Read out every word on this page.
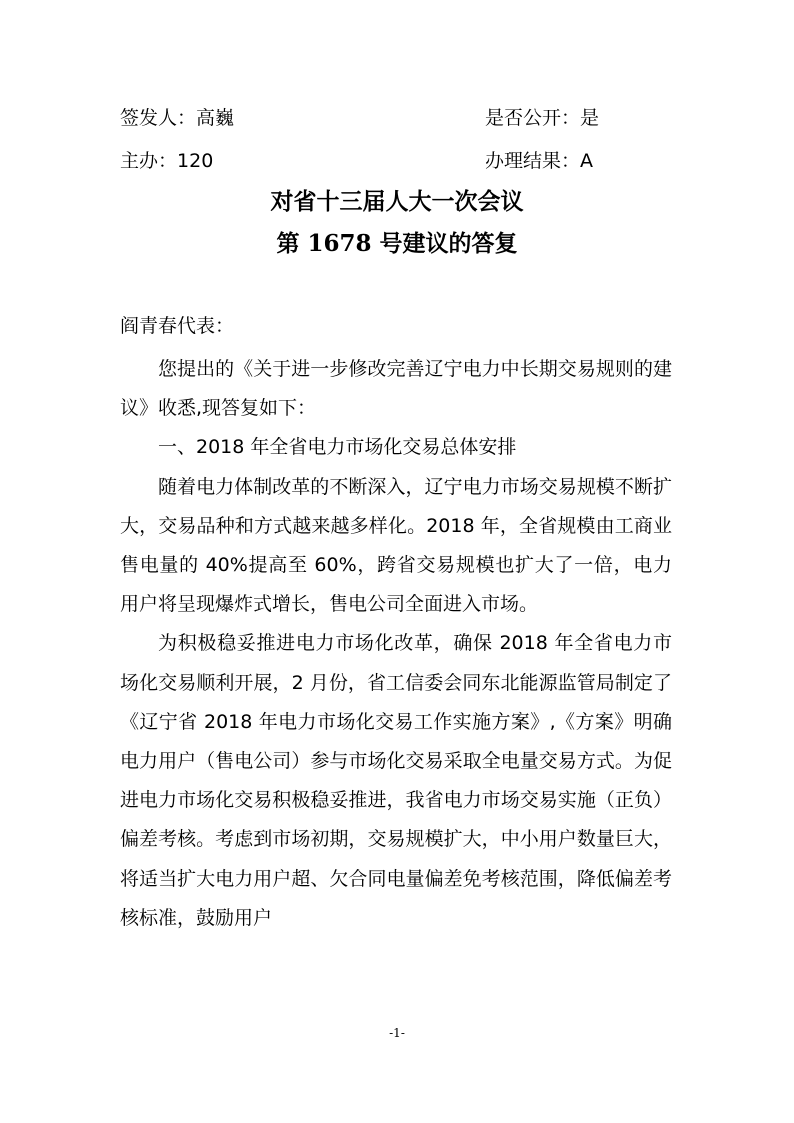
签发人：高巍	是否公开：是
主办：120	办理结果：A
对省十三届人大一次会议
第 1678 号建议的答复
阎青春代表：

您提出的《关于进一步修改完善辽宁电力中长期交易规则的建议》收悉,现答复如下：

一、2018 年全省电力市场化交易总体安排

随着电力体制改革的不断深入，辽宁电力市场交易规模不断扩大，交易品种和方式越来越多样化。2018 年，全省规模由工商业售电量的 40%提高至 60%，跨省交易规模也扩大了一倍，电力用户将呈现爆炸式增长，售电公司全面进入市场。

为积极稳妥推进电力市场化改革，确保 2018 年全省电力市场化交易顺利开展，2 月份，省工信委会同东北能源监管局制定了《辽宁省 2018 年电力市场化交易工作实施方案》,《方案》明确电力用户（售电公司）参与市场化交易采取全电量交易方式。为促进电力市场化交易积极稳妥推进，我省电力市场交易实施（正负）偏差考核。考虑到市场初期，交易规模扩大，中小用户数量巨大，将适当扩大电力用户超、欠合同电量偏差免考核范围，降低偏差考核标准，鼓励用户

-1-
